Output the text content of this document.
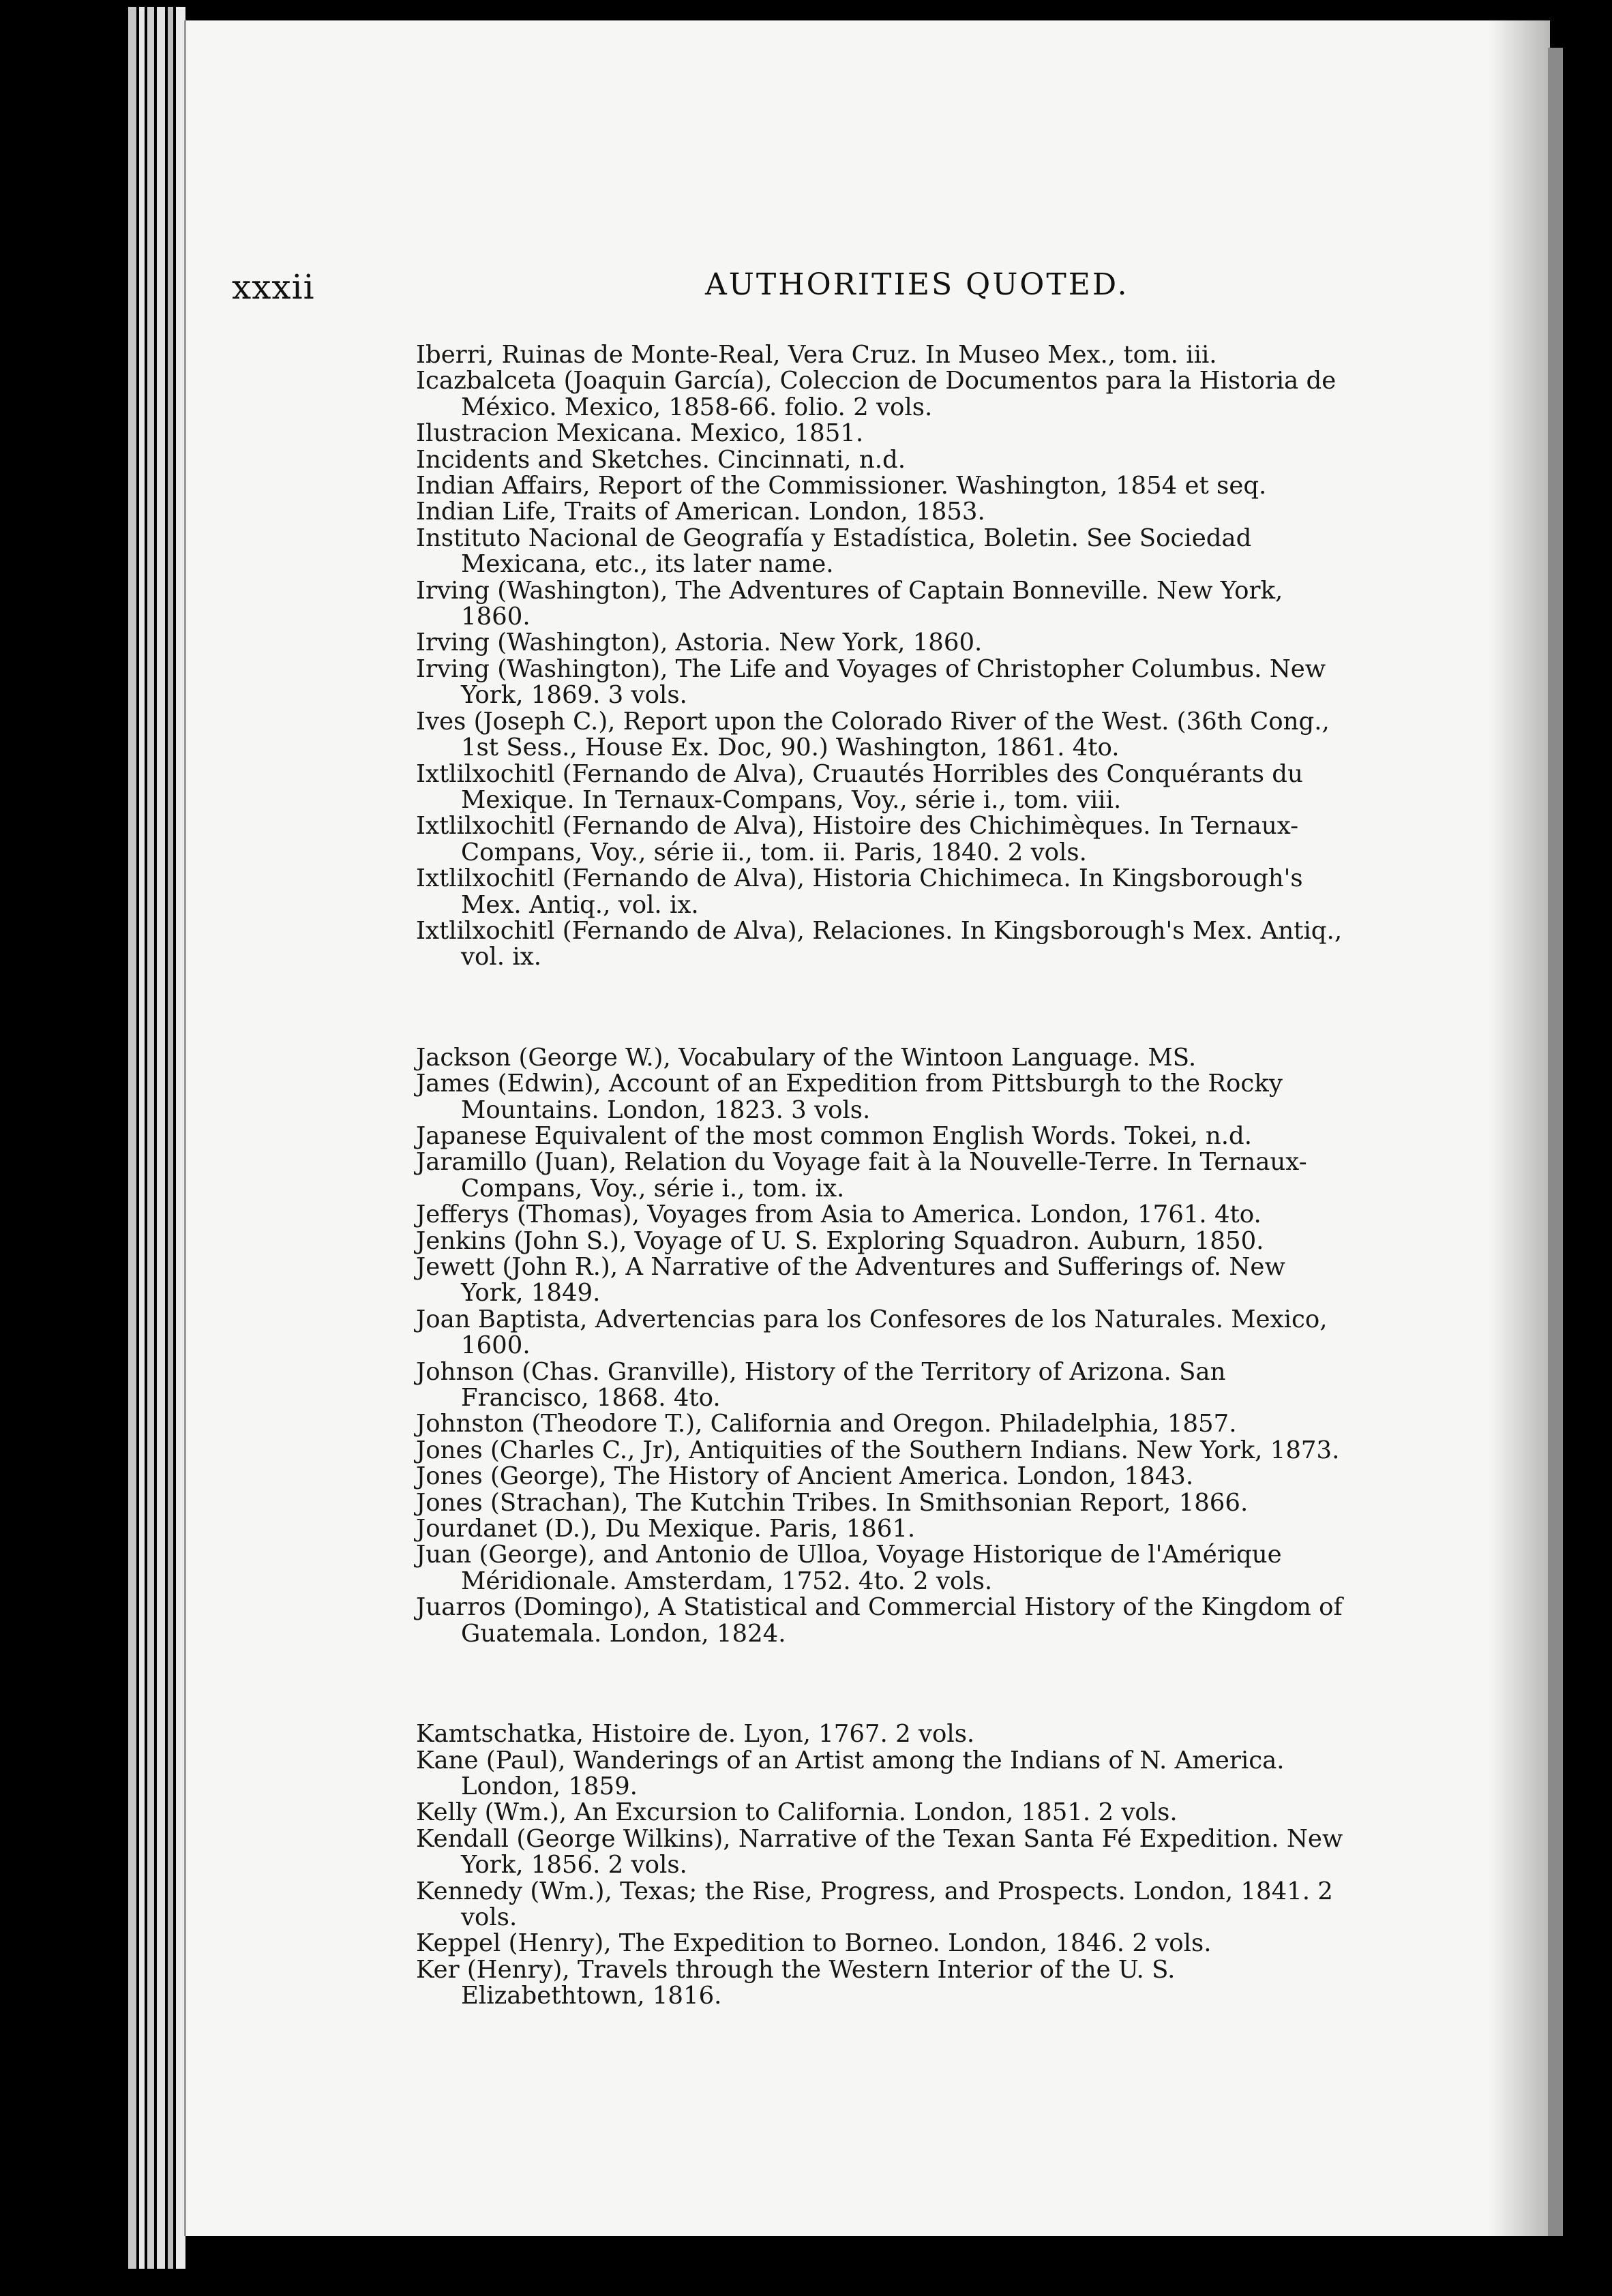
xxxii	AUTHORITIES QUOTED.

Iberri, Ruinas de Monte-Real, Vera Cruz. In Museo Mex., tom. iii.

Icazbalceta (Joaquin García), Coleccion de Documentos para la Historia de México. Mexico, 1858-66. folio. 2 vols.

Ilustracion Mexicana. Mexico, 1851.

Incidents and Sketches. Cincinnati, n.d.

Indian Affairs, Report of the Commissioner. Washington, 1854 et seq.

Indian Life, Traits of American. London, 1853.

Instituto Nacional de Geografía y Estadística, Boletin. See Sociedad Mexicana, etc., its later name.

Irving (Washington), The Adventures of Captain Bonneville. New York, 1860.

Irving (Washington), Astoria. New York, 1860.

Irving (Washington), The Life and Voyages of Christopher Columbus. New York, 1869. 3 vols.

Ives (Joseph C.), Report upon the Colorado River of the West. (36th Cong., 1st Sess., House Ex. Doc, 90.) Washington, 1861. 4to.

Ixtlilxochitl (Fernando de Alva), Cruautés Horribles des Conquérants du Mexique. In Ternaux-Compans, Voy., série i., tom. viii.

Ixtlilxochitl (Fernando de Alva), Histoire des Chichimèques. In Ternaux-Compans, Voy., série ii., tom. ii. Paris, 1840. 2 vols.

Ixtlilxochitl (Fernando de Alva), Historia Chichimeca. In Kingsborough's Mex. Antiq., vol. ix.

Ixtlilxochitl (Fernando de Alva), Relaciones. In Kingsborough's Mex. Antiq., vol. ix.

Jackson (George W.), Vocabulary of the Wintoon Language. MS.

James (Edwin), Account of an Expedition from Pittsburgh to the Rocky Mountains. London, 1823. 3 vols.

Japanese Equivalent of the most common English Words. Tokei, n.d.

Jaramillo (Juan), Relation du Voyage fait à la Nouvelle-Terre. In Ternaux-Compans, Voy., série i., tom. ix.

Jefferys (Thomas), Voyages from Asia to America. London, 1761. 4to.

Jenkins (John S.), Voyage of U. S. Exploring Squadron. Auburn, 1850.

Jewett (John R.), A Narrative of the Adventures and Sufferings of. New York, 1849.

Joan Baptista, Advertencias para los Confesores de los Naturales. Mexico, 1600.

Johnson (Chas. Granville), History of the Territory of Arizona. San Francisco, 1868. 4to.

Johnston (Theodore T.), California and Oregon. Philadelphia, 1857.

Jones (Charles C., Jr), Antiquities of the Southern Indians. New York, 1873.

Jones (George), The History of Ancient America. London, 1843.

Jones (Strachan), The Kutchin Tribes. In Smithsonian Report, 1866.

Jourdanet (D.), Du Mexique. Paris, 1861.

Juan (George), and Antonio de Ulloa, Voyage Historique de l'Amérique Méridionale. Amsterdam, 1752. 4to. 2 vols.

Juarros (Domingo), A Statistical and Commercial History of the Kingdom of Guatemala. London, 1824.

Kamtschatka, Histoire de. Lyon, 1767. 2 vols.

Kane (Paul), Wanderings of an Artist among the Indians of N. America. London, 1859.

Kelly (Wm.), An Excursion to California. London, 1851. 2 vols.

Kendall (George Wilkins), Narrative of the Texan Santa Fé Expedition. New York, 1856. 2 vols.

Kennedy (Wm.), Texas; the Rise, Progress, and Prospects. London, 1841. 2 vols.

Keppel (Henry), The Expedition to Borneo. London, 1846. 2 vols.

Ker (Henry), Travels through the Western Interior of the U. S. Elizabethtown, 1816.
